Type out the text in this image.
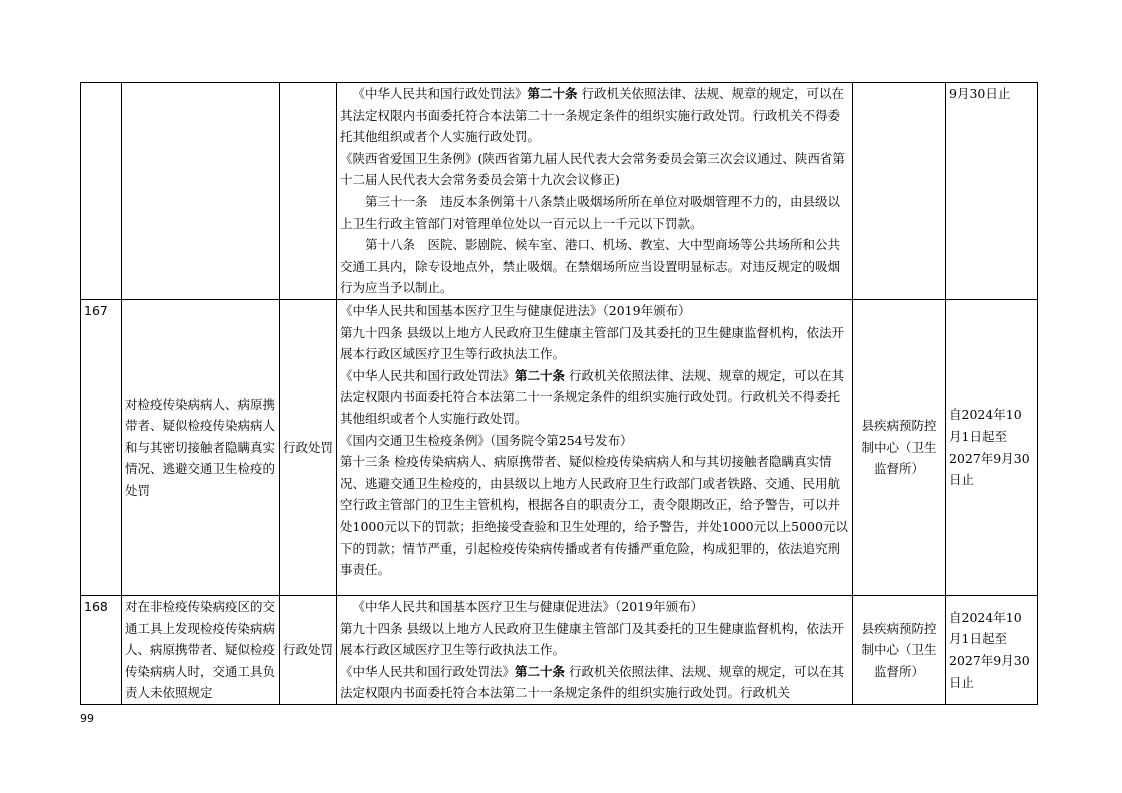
			《中华人民共和国行政处罚法》第二十条 行政机关依照法律、法规、规章的规定，可以在其法定权限内书面委托符合本法第二十一条规定条件的组织实施行政处罚。行政机关不得委托其他组织或者个人实施行政处罚。

《陕西省爱国卫生条例》(陕西省第九届人民代表大会常务委员会第三次会议通过、陕西省第十二届人民代表大会常务委员会第十九次会议修正)

第三十一条　违反本条例第十八条禁止吸烟场所所在单位对吸烟管理不力的，由县级以上卫生行政主管部门对管理单位处以一百元以上一千元以下罚款。

第十八条　医院、影剧院、候车室、港口、机场、教室、大中型商场等公共场所和公共交通工具内，除专设地点外，禁止吸烟。在禁烟场所应当设置明显标志。对违反规定的吸烟行为应当予以制止。		9月30日止
167	对检疫传染病病人、病原携带者、疑似检疫传染病病人和与其密切接触者隐瞒真实情况、逃避交通卫生检疫的处罚	行政处罚	《中华人民共和国基本医疗卫生与健康促进法》（2019年颁布）

第九十四条 县级以上地方人民政府卫生健康主管部门及其委托的卫生健康监督机构，依法开展本行政区域医疗卫生等行政执法工作。

《中华人民共和国行政处罚法》第二十条 行政机关依照法律、法规、规章的规定，可以在其法定权限内书面委托符合本法第二十一条规定条件的组织实施行政处罚。行政机关不得委托其他组织或者个人实施行政处罚。

《国内交通卫生检疫条例》（国务院令第254号发布）

第十三条 检疫传染病病人、病原携带者、疑似检疫传染病病人和与其切接触者隐瞒真实情况、逃避交通卫生检疫的，由县级以上地方人民政府卫生行政部门或者铁路、交通、民用航空行政主管部门的卫生主管机构，根据各自的职责分工，责令限期改正，给予警告，可以并处1000元以下的罚款；拒绝接受查验和卫生处理的，给予警告，并处1000元以上5000元以下的罚款；情节严重，引起检疫传染病传播或者有传播严重危险，构成犯罪的，依法追究刑事责任。	县疾病预防控制中心（卫生监督所）	自2024年10月1日起至2027年9月30日止
168	对在非检疫传染病疫区的交通工具上发现检疫传染病病人、病原携带者、疑似检疫传染病病人时，交通工具负责人未依照规定	行政处罚	《中华人民共和国基本医疗卫生与健康促进法》（2019年颁布）

第九十四条 县级以上地方人民政府卫生健康主管部门及其委托的卫生健康监督机构，依法开展本行政区域医疗卫生等行政执法工作。

《中华人民共和国行政处罚法》第二十条 行政机关依照法律、法规、规章的规定，可以在其法定权限内书面委托符合本法第二十一条规定条件的组织实施行政处罚。行政机关	县疾病预防控制中心（卫生监督所）	自2024年10月1日起至2027年9月30日止
99
